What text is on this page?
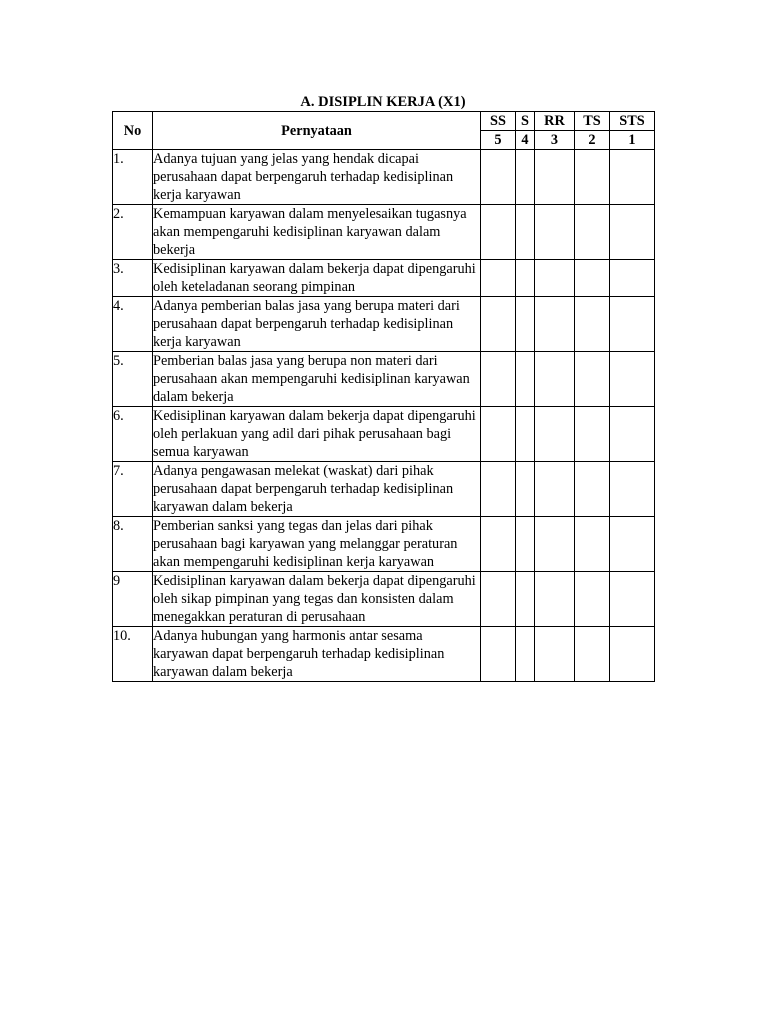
A. DISIPLIN KERJA (X1)
No	Pernyataan	SS	S	RR	TS	STS
		5	4	3	2	1
1.	Adanya tujuan yang jelas yang hendak dicapai perusahaan dapat berpengaruh terhadap kedisiplinan kerja karyawan					
2.	Kemampuan karyawan dalam menyelesaikan tugasnya akan mempengaruhi kedisiplinan karyawan dalam bekerja					
3.	Kedisiplinan karyawan dalam bekerja dapat dipengaruhi oleh keteladanan seorang pimpinan					
4.	Adanya pemberian balas jasa yang berupa materi dari perusahaan dapat berpengaruh terhadap kedisiplinan kerja karyawan					
5.	Pemberian balas jasa yang berupa non materi dari perusahaan akan mempengaruhi kedisiplinan karyawan dalam bekerja					
6.	Kedisiplinan karyawan dalam bekerja dapat dipengaruhi oleh perlakuan yang adil dari pihak perusahaan bagi semua karyawan					
7.	Adanya pengawasan melekat (waskat) dari pihak perusahaan dapat berpengaruh terhadap kedisiplinan karyawan dalam bekerja					
8.	Pemberian sanksi yang tegas dan jelas dari pihak perusahaan bagi karyawan yang melanggar peraturan akan mempengaruhi kedisiplinan kerja karyawan					
9	Kedisiplinan karyawan dalam bekerja dapat dipengaruhi oleh sikap pimpinan yang tegas dan konsisten dalam menegakkan peraturan di perusahaan					
10.	Adanya hubungan yang harmonis antar sesama karyawan dapat berpengaruh terhadap kedisiplinan karyawan dalam bekerja					
